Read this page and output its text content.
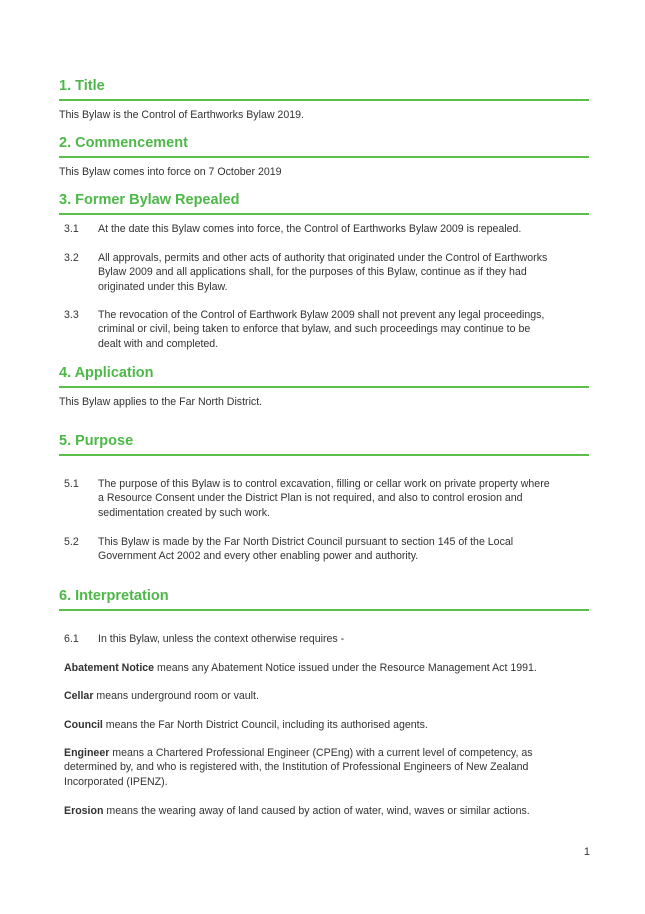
1. Title
This Bylaw is the Control of Earthworks Bylaw 2019.
2. Commencement
This Bylaw comes into force on 7 October 2019
3. Former Bylaw Repealed
3.1	At the date this Bylaw comes into force, the Control of Earthworks Bylaw 2009 is repealed.
3.2	All approvals, permits and other acts of authority that originated under the Control of Earthworks Bylaw 2009 and all applications shall, for the purposes of this Bylaw, continue as if they had originated under this Bylaw.
3.3	The revocation of the Control of Earthwork Bylaw 2009 shall not prevent any legal proceedings, criminal or civil, being taken to enforce that bylaw, and such proceedings may continue to be dealt with and completed.
4. Application
This Bylaw applies to the Far North District.
5. Purpose
5.1	The purpose of this Bylaw is to control excavation, filling or cellar work on private property where a Resource Consent under the District Plan is not required, and also to control erosion and sedimentation created by such work.
5.2	This Bylaw is made by the Far North District Council pursuant to section 145 of the Local Government Act 2002 and every other enabling power and authority.
6. Interpretation
6.1	In this Bylaw, unless the context otherwise requires -
Abatement Notice means any Abatement Notice issued under the Resource Management Act 1991.
Cellar means underground room or vault.
Council means the Far North District Council, including its authorised agents.
Engineer means a Chartered Professional Engineer (CPEng) with a current level of competency, as determined by, and who is registered with, the Institution of Professional Engineers of New Zealand Incorporated (IPENZ).
Erosion means the wearing away of land caused by action of water, wind, waves or similar actions.
1
